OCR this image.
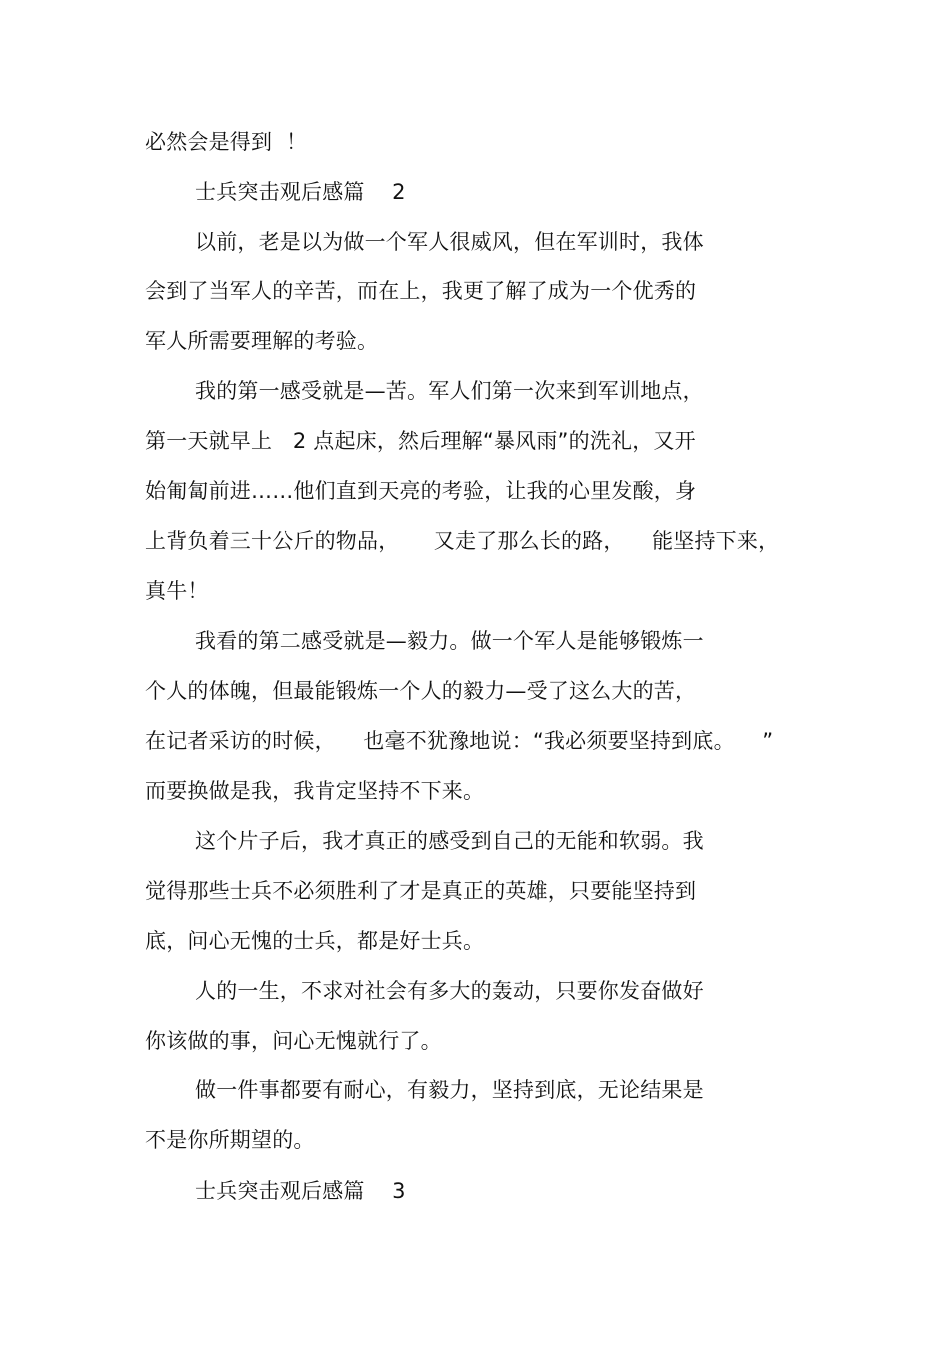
必然会是得到  ！
士兵突击观后感篇    2
以前，老是以为做一个军人很威风，但在军训时，我体
会到了当军人的辛苦，而在上，我更了解了成为一个优秀的
军人所需要理解的考验。
我的第一感受就是—苦。军人们第一次来到军训地点，
第一天就早上   2 点起床，然后理解“暴风雨”的洗礼，又开
始匍匐前进……他们直到天亮的考验，让我的心里发酸，身
上背负着三十公斤的物品，     又走了那么长的路，    能坚持下来，
真牛！
我看的第二感受就是—毅力。做一个军人是能够锻炼一
个人的体魄，但最能锻炼一个人的毅力—受了这么大的苦，
在记者采访的时候，    也毫不犹豫地说：“我必须要坚持到底。    ”
而要换做是我，我肯定坚持不下来。
这个片子后，我才真正的感受到自己的无能和软弱。我
觉得那些士兵不必须胜利了才是真正的英雄，只要能坚持到
底，问心无愧的士兵，都是好士兵。
人的一生，不求对社会有多大的轰动，只要你发奋做好
你该做的事，问心无愧就行了。
做一件事都要有耐心，有毅力，坚持到底，无论结果是
不是你所期望的。
士兵突击观后感篇    3
